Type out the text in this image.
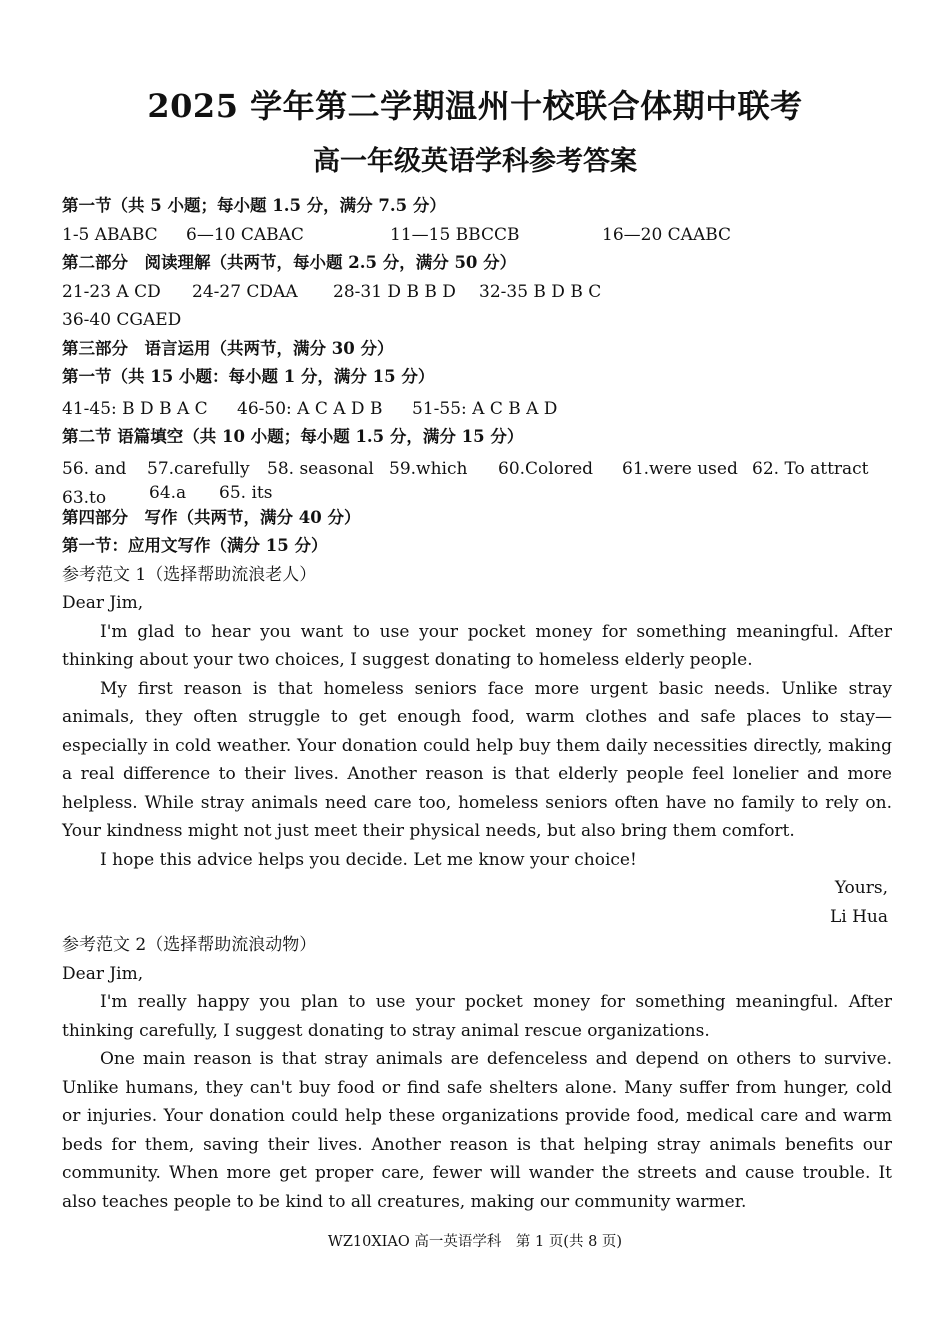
2025 学年第二学期温州十校联合体期中联考
高一年级英语学科参考答案
第一节（共 5 小题；每小题 1.5 分，满分 7.5 分）
1-5 ABABC 6—10 CABAC	11—15 BBCCB	16—20 CAABC
第二部分　阅读理解（共两节，每小题 2.5 分，满分 50 分）
21-23 A CD 24-27 CDAA 28-31 D B B D 32-35 B D B C
36-40 CGAED
第三部分　语言运用（共两节，满分 30 分）
第一节（共 15 小题：每小题 1 分，满分 15 分）
41-45: B D B A C 46-50: A C A D B 51-55: A C B A D
第二节 语篇填空（共 10 小题；每小题 1.5 分，满分 15 分）
56. and 57.carefully 58. seasonal 59.which 60.Colored 61.were used 62. To attract
63.to	64.a 65. its
第四部分　写作（共两节，满分 40 分）
第一节：应用文写作（满分 15 分）
参考范文 1（选择帮助流浪老人）
Dear Jim,

I'm glad to hear you want to use your pocket money for something meaningful. After thinking about your two choices, I suggest donating to homeless elderly people.

My first reason is that homeless seniors face more urgent basic needs. Unlike stray animals, they often struggle to get enough food, warm clothes and safe places to stay—especially in cold weather. Your donation could help buy them daily necessities directly, making a real difference to their lives. Another reason is that elderly people feel lonelier and more helpless. While stray animals need care too, homeless seniors often have no family to rely on. Your kindness might not just meet their physical needs, but also bring them comfort.

I hope this advice helps you decide. Let me know your choice!

Yours,
Li Hua
参考范文 2（选择帮助流浪动物）
Dear Jim,

I'm really happy you plan to use your pocket money for something meaningful. After thinking carefully, I suggest donating to stray animal rescue organizations.

One main reason is that stray animals are defenceless and depend on others to survive. Unlike humans, they can't buy food or find safe shelters alone. Many suffer from hunger, cold or injuries. Your donation could help these organizations provide food, medical care and warm beds for them, saving their lives. Another reason is that helping stray animals benefits our community. When more get proper care, fewer will wander the streets and cause trouble. It also teaches people to be kind to all creatures, making our community warmer.

WZ10XIAO 高一英语学科　第 1 页(共 8 页)
